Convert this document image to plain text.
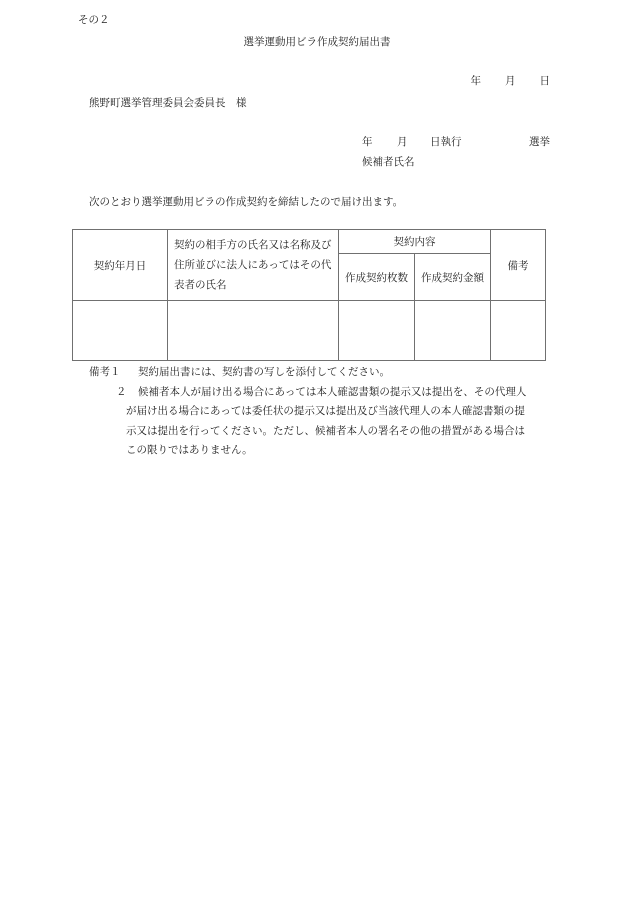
その２
選挙運動用ビラ作成契約届出書
年 月 日
熊野町選挙管理委員会委員長　様
年 月 日執行	選挙
候補者氏名
次のとおり選挙運動用ビラの作成契約を締結したので届け出ます。
契約年月日	契約の相手方の氏名又は名称及び住所並びに法人にあってはその代表者の氏名	契約内容		備考
		作成契約枚数	作成契約金額	

備考１ 契約届出書には、契約書の写しを添付してください。
２ 候補者本人が届け出る場合にあっては本人確認書類の提示又は提出を、その代理人
が届け出る場合にあっては委任状の提示又は提出及び当該代理人の本人確認書類の提
示又は提出を行ってください。ただし、候補者本人の署名その他の措置がある場合は
この限りではありません。
